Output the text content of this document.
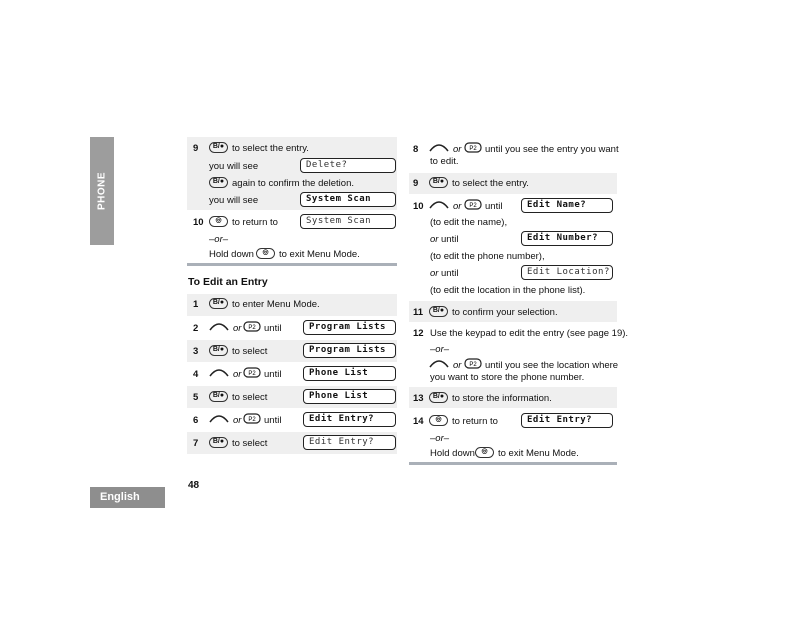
PHONE
English
48
9	B/● to select the entry.
you will see	Delete?
B/● again to confirm the deletion.
you will see	System Scan
10	◎	to return to	System Scan
–or–
Hold down	◎	to exit Menu Mode.
To Edit an Entry
1	B/● to enter Menu Mode.
2	or P2 until	Program Lists
3	B/● to select	Program Lists
4	or P2 until	Phone List
5	B/● to select	Phone List
6	or P2 until	Edit Entry?
7	B/● to select	Edit Entry?
8	or P2 until you see the entry you want
to edit.
9	B/● to select the entry.
10	or P2 until	Edit Name?
(to edit the name),
or until	Edit Number?
(to edit the phone number),
or until	Edit Location?
(to edit the location in the phone list).
11	B/● to confirm your selection.
12 Use the keypad to edit the entry (see page 19).
–or–
or P2 until you see the location where
you want to store the phone number.
13	B/● to store the information.
14	◎	to return to	Edit Entry?
–or–
Hold down ◎	to exit Menu Mode.
